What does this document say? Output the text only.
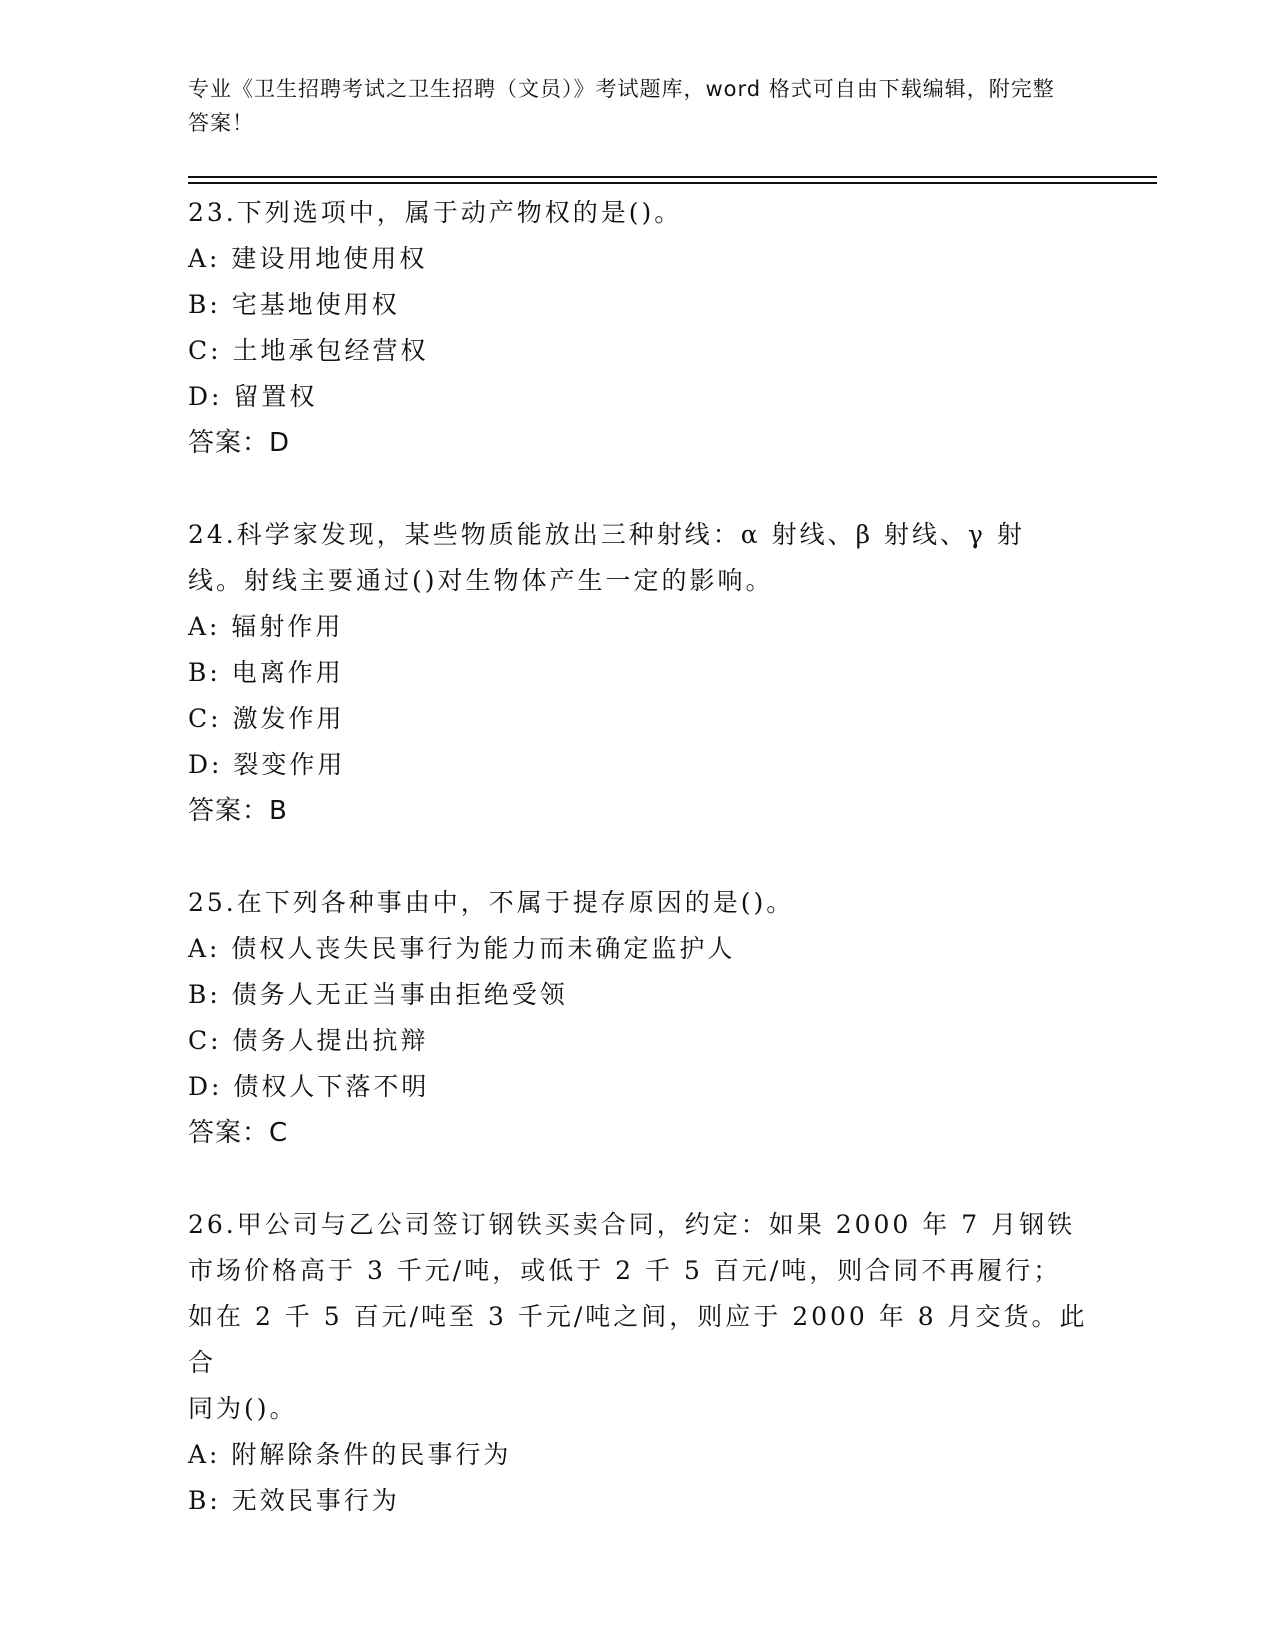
专业《卫生招聘考试之卫生招聘（文员）》考试题库，word 格式可自由下载编辑，附完整答案！

23.下列选项中，属于动产物权的是()。

A: 建设用地使用权

B: 宅基地使用权

C: 土地承包经营权

D: 留置权

答案：D

24.科学家发现，某些物质能放出三种射线：α 射线、β 射线、γ 射

线。射线主要通过()对生物体产生一定的影响。

A: 辐射作用

B: 电离作用

C: 激发作用

D: 裂变作用

答案：B

25.在下列各种事由中，不属于提存原因的是()。

A: 债权人丧失民事行为能力而未确定监护人

B: 债务人无正当事由拒绝受领

C: 债务人提出抗辩

D: 债权人下落不明

答案：C

26.甲公司与乙公司签订钢铁买卖合同，约定：如果 2000 年 7 月钢铁

市场价格高于 3 千元/吨，或低于 2 千 5 百元/吨，则合同不再履行；

如在 2 千 5 百元/吨至 3 千元/吨之间，则应于 2000 年 8 月交货。此合

同为()。

A: 附解除条件的民事行为

B: 无效民事行为
